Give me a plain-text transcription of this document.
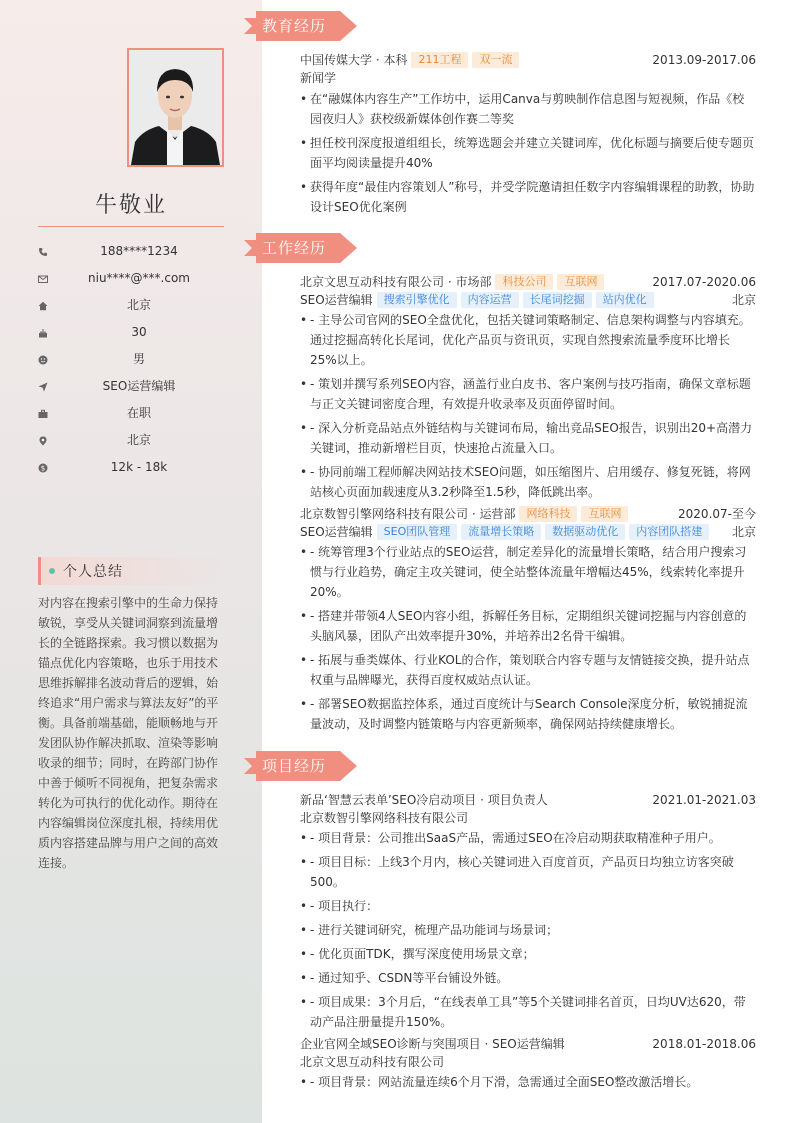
牛敬业
188****1234
niu****@***.com
北京
30
男
SEO运营编辑
在职
北京
$	12k - 18k
个人总结
对内容在搜索引擎中的生命力保持敏锐，享受从关键词洞察到流量增长的全链路探索。我习惯以数据为锚点优化内容策略，也乐于用技术思维拆解排名波动背后的逻辑，始终追求“用户需求与算法友好”的平衡。具备前端基础，能顺畅地与开发团队协作解决抓取、渲染等影响收录的细节；同时，在跨部门协作中善于倾听不同视角，把复杂需求转化为可执行的优化动作。期待在内容编辑岗位深度扎根，持续用优质内容搭建品牌与用户之间的高效连接。
教育经历
中国传媒大学 · 本科	211工程	双一流	2013.09-2017.06
新闻学
• 在“融媒体内容生产”工作坊中，运用Canva与剪映制作信息图与短视频，作品《校园夜归人》获校级新媒体创作赛二等奖
• 担任校刊深度报道组组长，统筹选题会并建立关键词库，优化标题与摘要后使专题页面平均阅读量提升40%
• 获得年度“最佳内容策划人”称号，并受学院邀请担任数字内容编辑课程的助教，协助设计SEO优化案例
工作经历
北京文思互动科技有限公司 · 市场部	科技公司	互联网	2017.07-2020.06
SEO运营编辑	搜索引擎优化	内容运营	长尾词挖掘	站内优化	北京
• - 主导公司官网的SEO全盘优化，包括关键词策略制定、信息架构调整与内容填充。通过挖掘高转化长尾词，优化产品页与资讯页，实现自然搜索流量季度环比增长25%以上。
• - 策划并撰写系列SEO内容，涵盖行业白皮书、客户案例与技巧指南，确保文章标题与正文关键词密度合理，有效提升收录率及页面停留时间。
• - 深入分析竞品站点外链结构与关键词布局，输出竞品SEO报告，识别出20+高潜力关键词，推动新增栏目页，快速抢占流量入口。
• - 协同前端工程师解决网站技术SEO问题，如压缩图片、启用缓存、修复死链，将网站核心页面加载速度从3.2秒降至1.5秒，降低跳出率。
北京数智引擎网络科技有限公司 · 运营部	网络科技	互联网	2020.07-至今
SEO运营编辑	SEO团队管理	流量增长策略	数据驱动优化	内容团队搭建	北京
• - 统筹管理3个行业站点的SEO运营，制定差异化的流量增长策略，结合用户搜索习惯与行业趋势，确定主攻关键词，使全站整体流量年增幅达45%，线索转化率提升20%。
• - 搭建并带领4人SEO内容小组，拆解任务目标，定期组织关键词挖掘与内容创意的头脑风暴，团队产出效率提升30%，并培养出2名骨干编辑。
• - 拓展与垂类媒体、行业KOL的合作，策划联合内容专题与友情链接交换，提升站点权重与品牌曝光，获得百度权威站点认证。
• - 部署SEO数据监控体系，通过百度统计与Search Console深度分析，敏锐捕捉流量波动，及时调整内链策略与内容更新频率，确保网站持续健康增长。
项目经历
新品‘智慧云表单’SEO冷启动项目 · 项目负责人	2021.01-2021.03
北京数智引擎网络科技有限公司
• - 项目背景：公司推出SaaS产品，需通过SEO在冷启动期获取精准种子用户。
• - 项目目标：上线3个月内，核心关键词进入百度首页，产品页日均独立访客突破500。
• - 项目执行：
• - 进行关键词研究，梳理产品功能词与场景词；
• - 优化页面TDK，撰写深度使用场景文章；
• - 通过知乎、CSDN等平台铺设外链。
• - 项目成果：3个月后，“在线表单工具”等5个关键词排名首页，日均UV达620，带动产品注册量提升150%。
企业官网全域SEO诊断与突围项目 · SEO运营编辑	2018.01-2018.06
北京文思互动科技有限公司
• - 项目背景：网站流量连续6个月下滑，急需通过全面SEO整改激活增长。
